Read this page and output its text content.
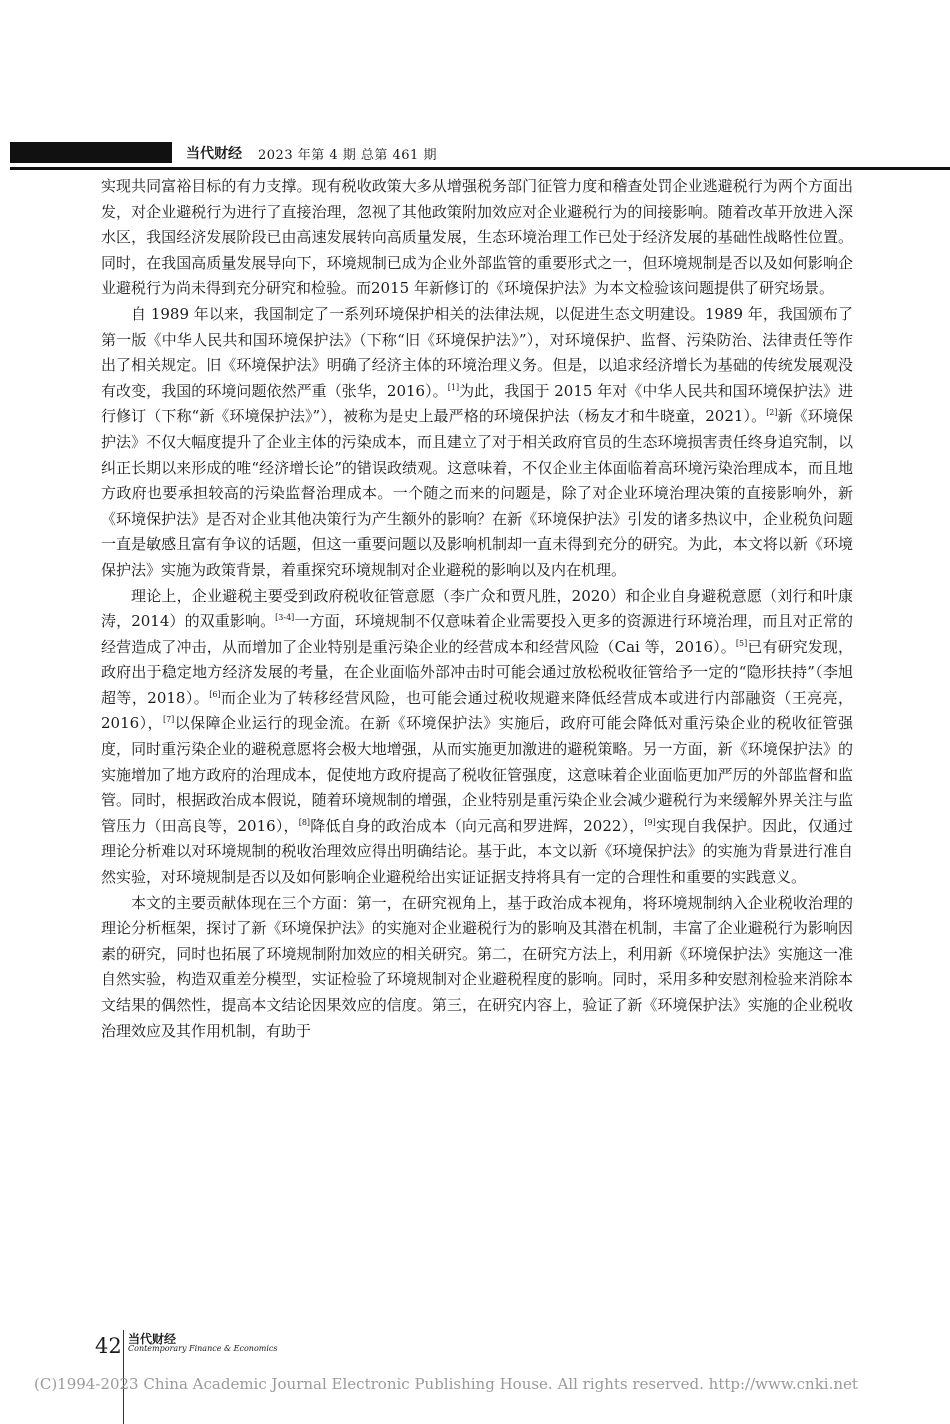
当代财经 2023 年第 4 期 总第 461 期

实现共同富裕目标的有力支撑。现有税收政策大多从增强税务部门征管力度和稽查处罚企业逃避税行为两个方面出发，对企业避税行为进行了直接治理，忽视了其他政策附加效应对企业避税行为的间接影响。随着改革开放进入深水区，我国经济发展阶段已由高速发展转向高质量发展，生态环境治理工作已处于经济发展的基础性战略性位置。同时，在我国高质量发展导向下，环境规制已成为企业外部监管的重要形式之一，但环境规制是否以及如何影响企业避税行为尚未得到充分研究和检验。而2015 年新修订的《环境保护法》为本文检验该问题提供了研究场景。

自 1989 年以来，我国制定了一系列环境保护相关的法律法规，以促进生态文明建设。1989 年，我国颁布了第一版《中华人民共和国环境保护法》（下称“旧《环境保护法》”），对环境保护、监督、污染防治、法律责任等作出了相关规定。旧《环境保护法》明确了经济主体的环境治理义务。但是，以追求经济增长为基础的传统发展观没有改变，我国的环境问题依然严重（张华，2016）。[1]为此，我国于 2015 年对《中华人民共和国环境保护法》进行修订（下称“新《环境保护法》”），被称为是史上最严格的环境保护法（杨友才和牛晓童，2021）。[2]新《环境保护法》不仅大幅度提升了企业主体的污染成本，而且建立了对于相关政府官员的生态环境损害责任终身追究制，以纠正长期以来形成的唯“经济增长论”的错误政绩观。这意味着，不仅企业主体面临着高环境污染治理成本，而且地方政府也要承担较高的污染监督治理成本。一个随之而来的问题是，除了对企业环境治理决策的直接影响外，新《环境保护法》是否对企业其他决策行为产生额外的影响？在新《环境保护法》引发的诸多热议中，企业税负问题一直是敏感且富有争议的话题，但这一重要问题以及影响机制却一直未得到充分的研究。为此，本文将以新《环境保护法》实施为政策背景，着重探究环境规制对企业避税的影响以及内在机理。

理论上，企业避税主要受到政府税收征管意愿（李广众和贾凡胜，2020）和企业自身避税意愿（刘行和叶康涛，2014）的双重影响。[3-4]一方面，环境规制不仅意味着企业需要投入更多的资源进行环境治理，而且对正常的经营造成了冲击，从而增加了企业特别是重污染企业的经营成本和经营风险（Cai 等，2016）。[5]已有研究发现，政府出于稳定地方经济发展的考量，在企业面临外部冲击时可能会通过放松税收征管给予一定的“隐形扶持”（李旭超等，2018）。[6]而企业为了转移经营风险，也可能会通过税收规避来降低经营成本或进行内部融资（王亮亮，2016），[7]以保障企业运行的现金流。在新《环境保护法》实施后，政府可能会降低对重污染企业的税收征管强度，同时重污染企业的避税意愿将会极大地增强，从而实施更加激进的避税策略。另一方面，新《环境保护法》的实施增加了地方政府的治理成本，促使地方政府提高了税收征管强度，这意味着企业面临更加严厉的外部监督和监管。同时，根据政治成本假说，随着环境规制的增强，企业特别是重污染企业会减少避税行为来缓解外界关注与监管压力（田高良等，2016），[8]降低自身的政治成本（向元高和罗进辉，2022），[9]实现自我保护。因此，仅通过理论分析难以对环境规制的税收治理效应得出明确结论。基于此，本文以新《环境保护法》的实施为背景进行准自然实验，对环境规制是否以及如何影响企业避税给出实证证据支持将具有一定的合理性和重要的实践意义。

本文的主要贡献体现在三个方面：第一，在研究视角上，基于政治成本视角，将环境规制纳入企业税收治理的理论分析框架，探讨了新《环境保护法》的实施对企业避税行为的影响及其潜在机制，丰富了企业避税行为影响因素的研究，同时也拓展了环境规制附加效应的相关研究。第二，在研究方法上，利用新《环境保护法》实施这一准自然实验，构造双重差分模型，实证检验了环境规制对企业避税程度的影响。同时，采用多种安慰剂检验来消除本文结果的偶然性，提高本文结论因果效应的信度。第三，在研究内容上，验证了新《环境保护法》实施的企业税收治理效应及其作用机制，有助于

42 当代财经
Contemporary Finance & Economics
(C)1994-2023 China Academic Journal Electronic Publishing House. All rights reserved. http://www.cnki.net
